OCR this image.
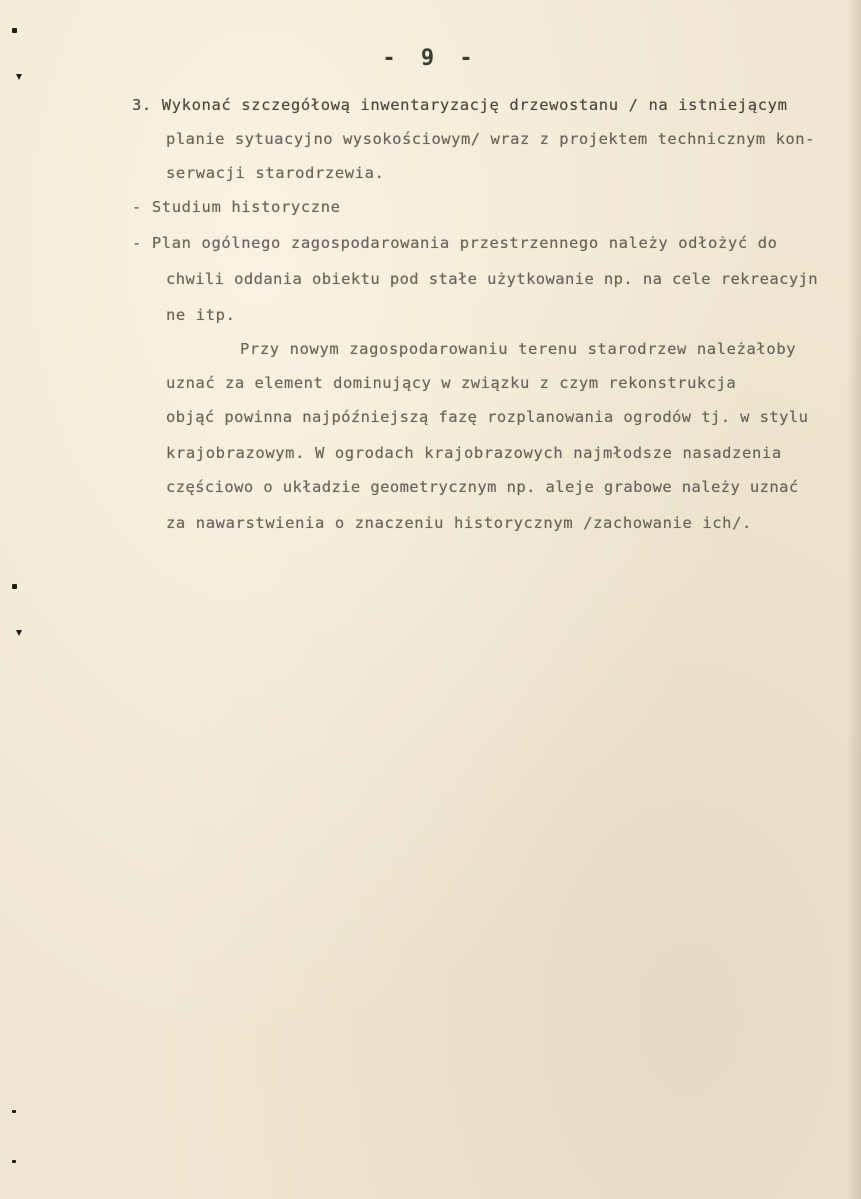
- 9 -
3. Wykonać szczegółową inwentaryzację drzewostanu / na istniejącym
planie sytuacyjno wysokościowym/ wraz z projektem technicznym kon-
serwacji starodrzewia.
- Studium historyczne
- Plan ogólnego zagospodarowania przestrzennego należy odłożyć do
chwili oddania obiektu pod stałe użytkowanie np. na cele rekreacyjn
ne itp.
Przy nowym zagospodarowaniu terenu starodrzew należałoby
uznać za element dominujący w związku z czym rekonstrukcja
objąć powinna najpóźniejszą fazę rozplanowania ogrodów tj. w stylu
krajobrazowym. W ogrodach krajobrazowych najmłodsze nasadzenia
częściowo o układzie geometrycznym np. aleje grabowe należy uznać
za nawarstwienia o znaczeniu historycznym /zachowanie ich/.
